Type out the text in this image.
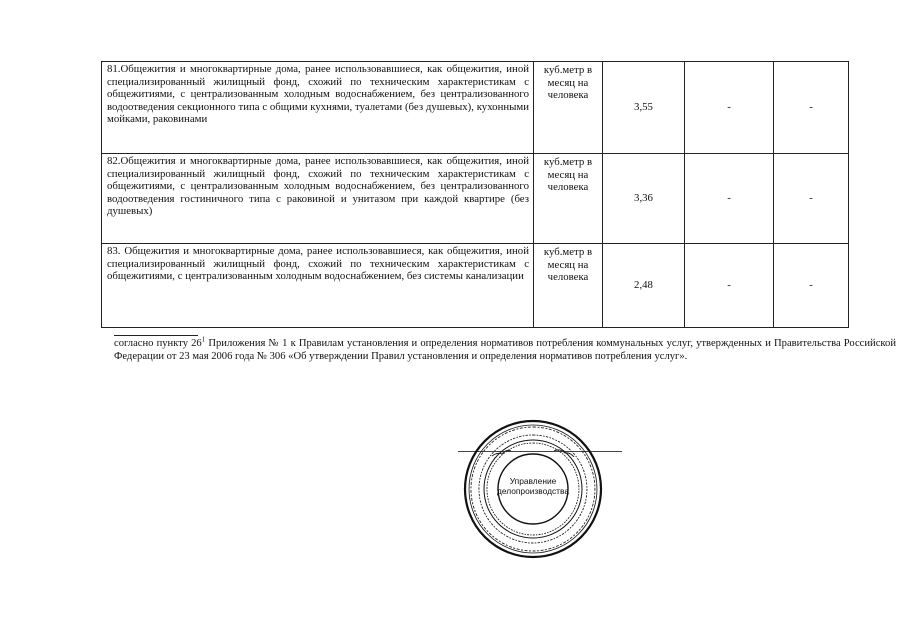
81.Общежития и многоквартирные дома, ранее использовавшиеся, как общежития, иной специализированный жилищный фонд, схожий по техническим характеристикам с общежитиями, с централизованным холодным водоснабжением, без централизованного водоотведения секционного типа с общими кухнями, туалетами (без душевых), кухонными мойками, раковинами	куб.метр в месяц на человека	3,55	-	-
82.Общежития и многоквартирные дома, ранее использовавшиеся, как общежития, иной специализированный жилищный фонд, схожий по техническим характеристикам с общежитиями, с централизованным холодным водоснабжением, без централизованного водоотведения гостиничного типа с раковиной и унитазом при каждой квартире (без душевых)	куб.метр в месяц на человека	3,36	-	-
83. Общежития и многоквартирные дома, ранее использовавшиеся, как общежития, иной специализированный жилищный фонд, схожий по техническим характеристикам с общежитиями, с централизованным холодным водоснабжением, без системы канализации	куб.метр в месяц на человека	2,48	-	-
согласно пункту $26^1$ Приложения № 1 к Правилам установления и определения нормативов потребления коммунальных услуг, утвержденных и Правительства Российской Федерации от 23 мая 2006 года № 306 «Об утверждении Правил установления и определения нормативов потребления услуг».
Управление
делопроизводства
